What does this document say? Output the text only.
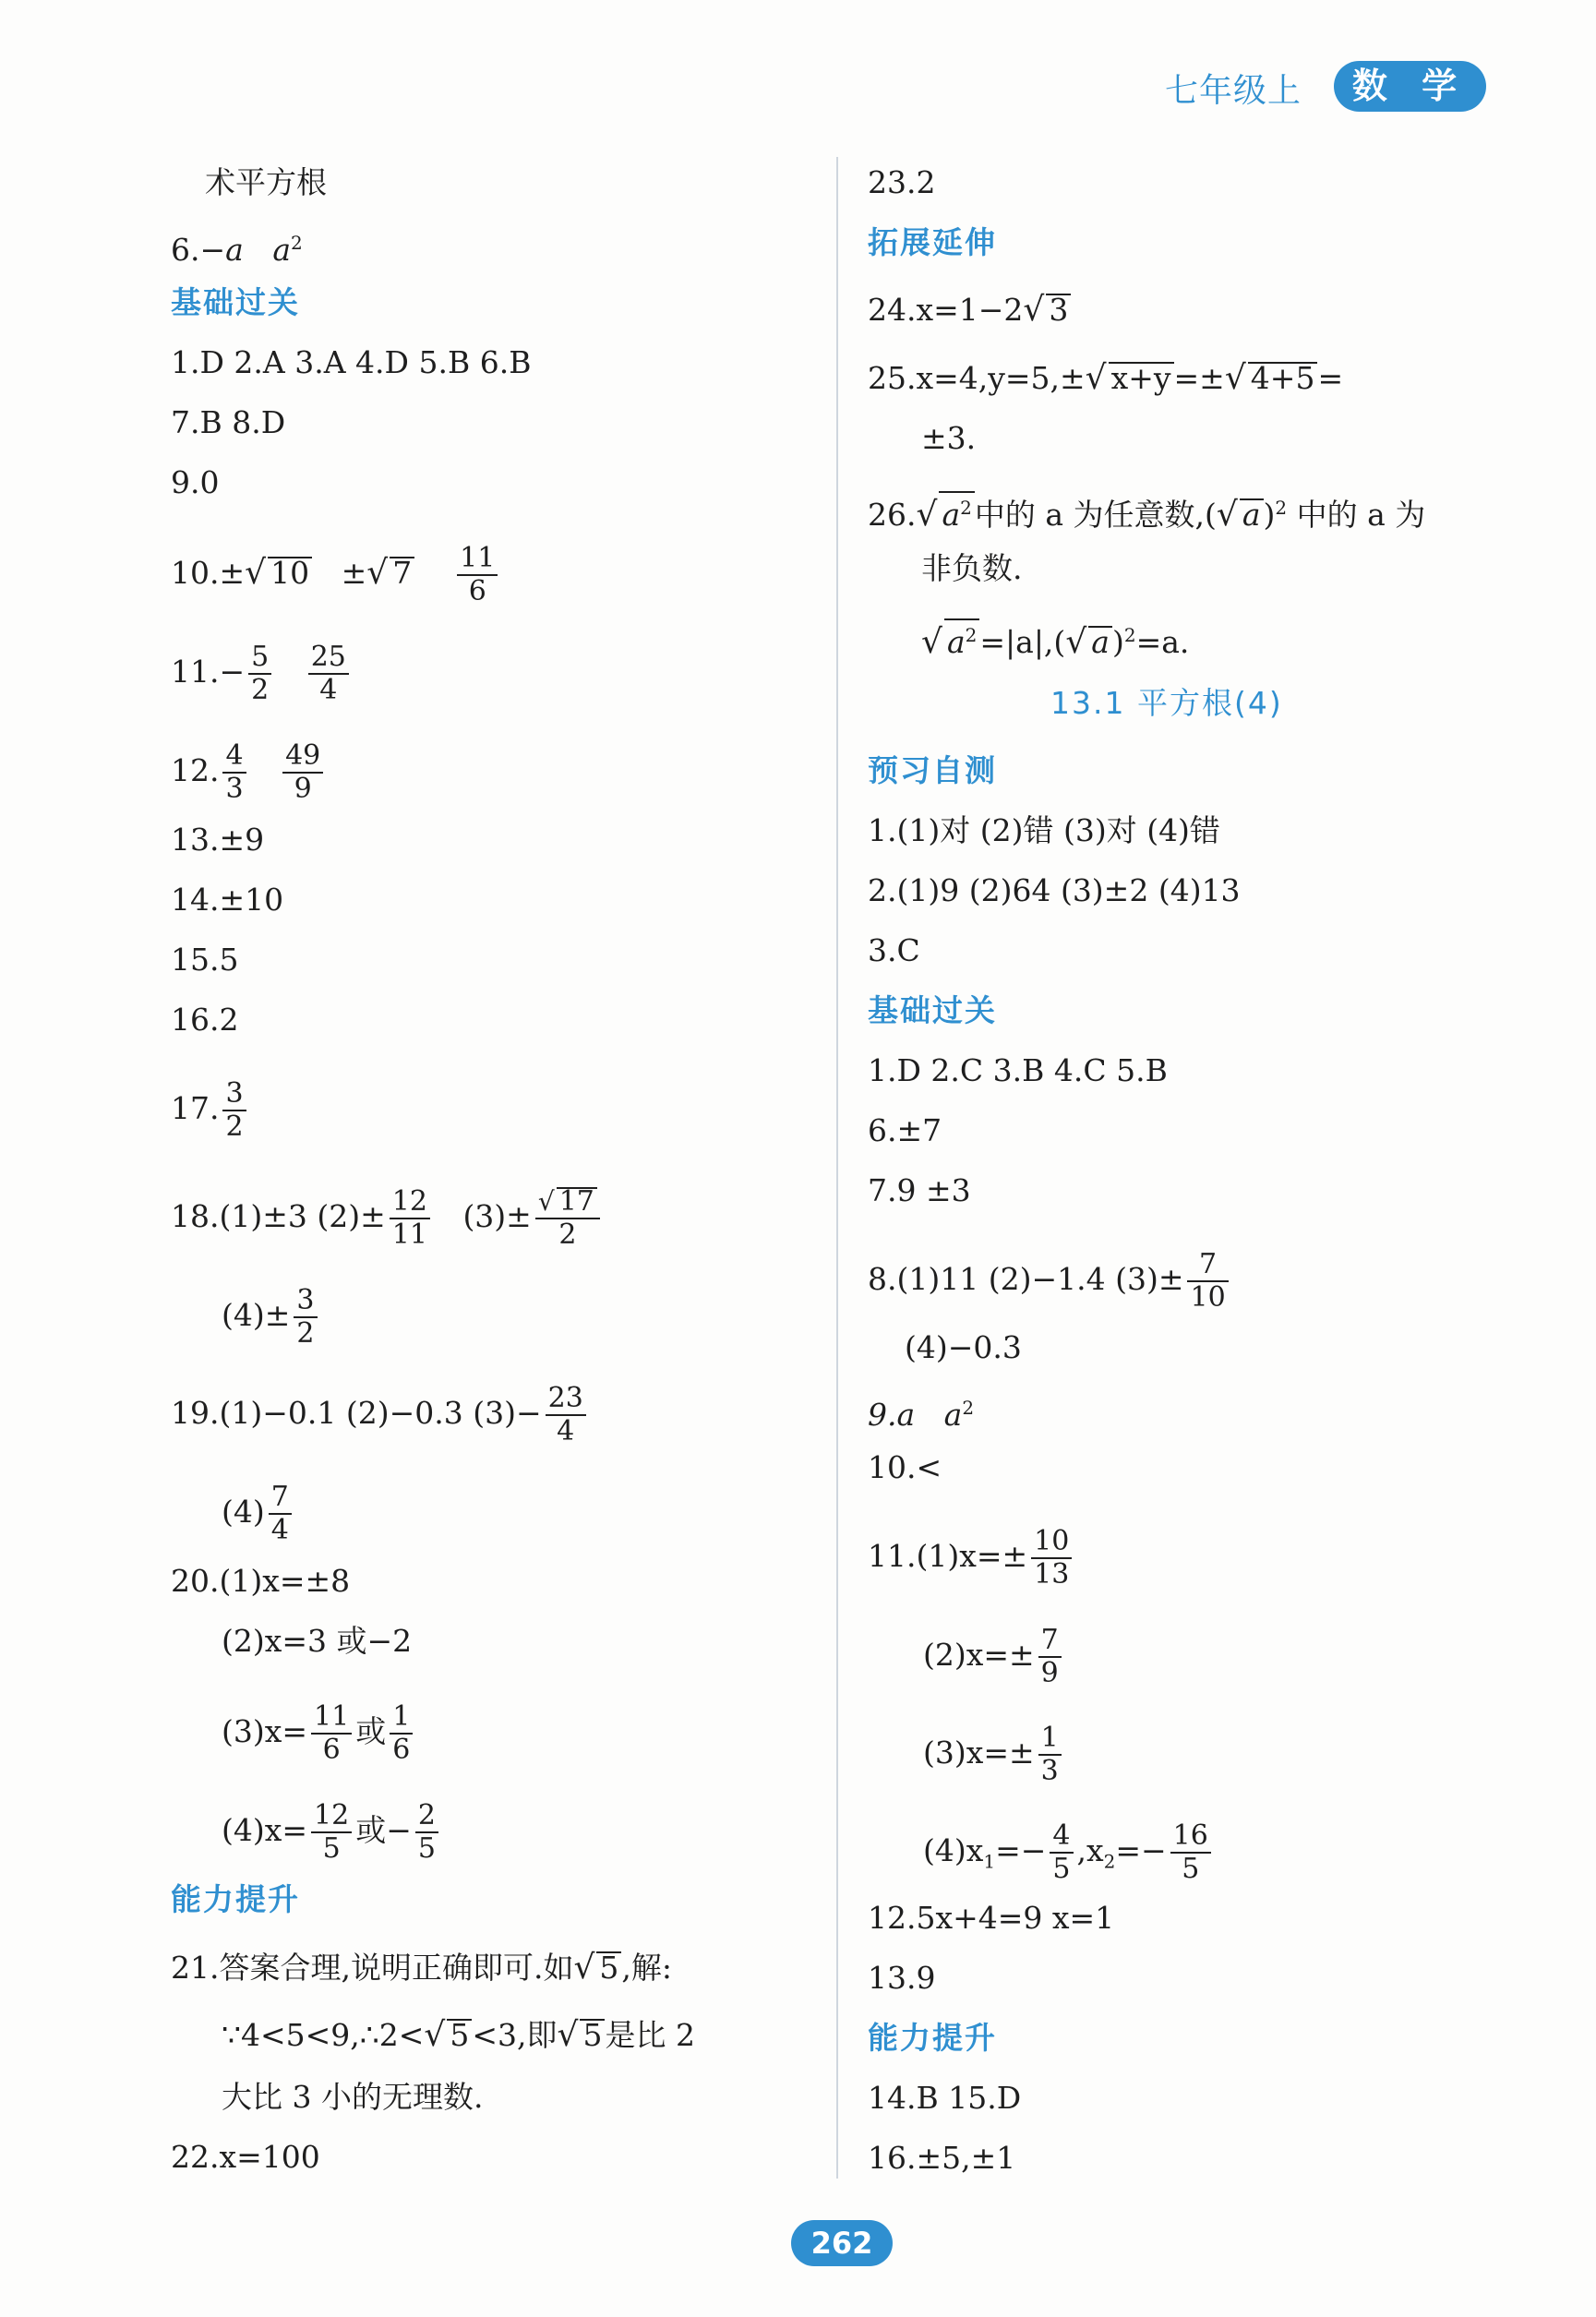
七年级上	数 学
术平方根
6.−a $a^2$
基础过关
1.D 2.A 3.A 4.D 5.B 6.B
7.B 8.D
9.0
10.±√ 10 ±√ $7 \frac{11}{6}$
$11.- \frac{5}{2}$
$\frac{25}{4}$
12. $\frac{4}{3}$
$\frac{49}{9}$
13.±9
14.±10
15.5
16.2
17. $\frac{3}{2}$
18.(1)±3 $(2)\pm \frac{12}{11} (3)\pm \frac{√ 17}{2}$
$(4)\pm \frac{3}{2}$
19.(1)−0.1 (2)−0.3 $(3)- \frac{23}{4}$
$(4) \frac{7}{4}$
20.(1)x=±8
(2)x=3 或−2
$(3)x= \frac{11}{6}$ 或 $\frac{1}{6}$
$(4)x= \frac{12}{5}$ 或− $\frac{2}{5}$
能力提升
21.答案合理,说明正确即可.如√ 5,解:
∵4<5<9,∴2<√ 5<3,即√ 5是比 2
大比 3 小的无理数.
22.x=100
23.2
拓展延伸
24.x=1−2√ 3
25.x=4,y=5,±√ x+y=±√ 4+5=
±3.
26.√ $a^2$中的 a 为任意数,(√ a)$^2$ 中的 a 为
非负数.
√ $a^2=|a|,(√$ a)$^2$=a.
13.1 平方根(4)
预习自测
1.(1)对 (2)错 (3)对 (4)错
2.(1)9 (2)64 (3)±2 (4)13
3.C
基础过关
1.D 2.C 3.B 4.C 5.B
6.±7
7.9 ±3
8.(1)11 (2)−1.4 $(3)\pm \frac{7}{10}$
(4)−0.3
9.a $a^2$
10.<
$11.(1)x=\pm \frac{10}{13}$
$(2)x=\pm \frac{7}{9}$
$(3)x=\pm \frac{1}{3}$
$(4)x_1=- \frac{4}{5} ,x_2=- \frac{16}{5}$
12.5x+4=9 x=1
13.9
能力提升
14.B 15.D
16.±5,±1
262
